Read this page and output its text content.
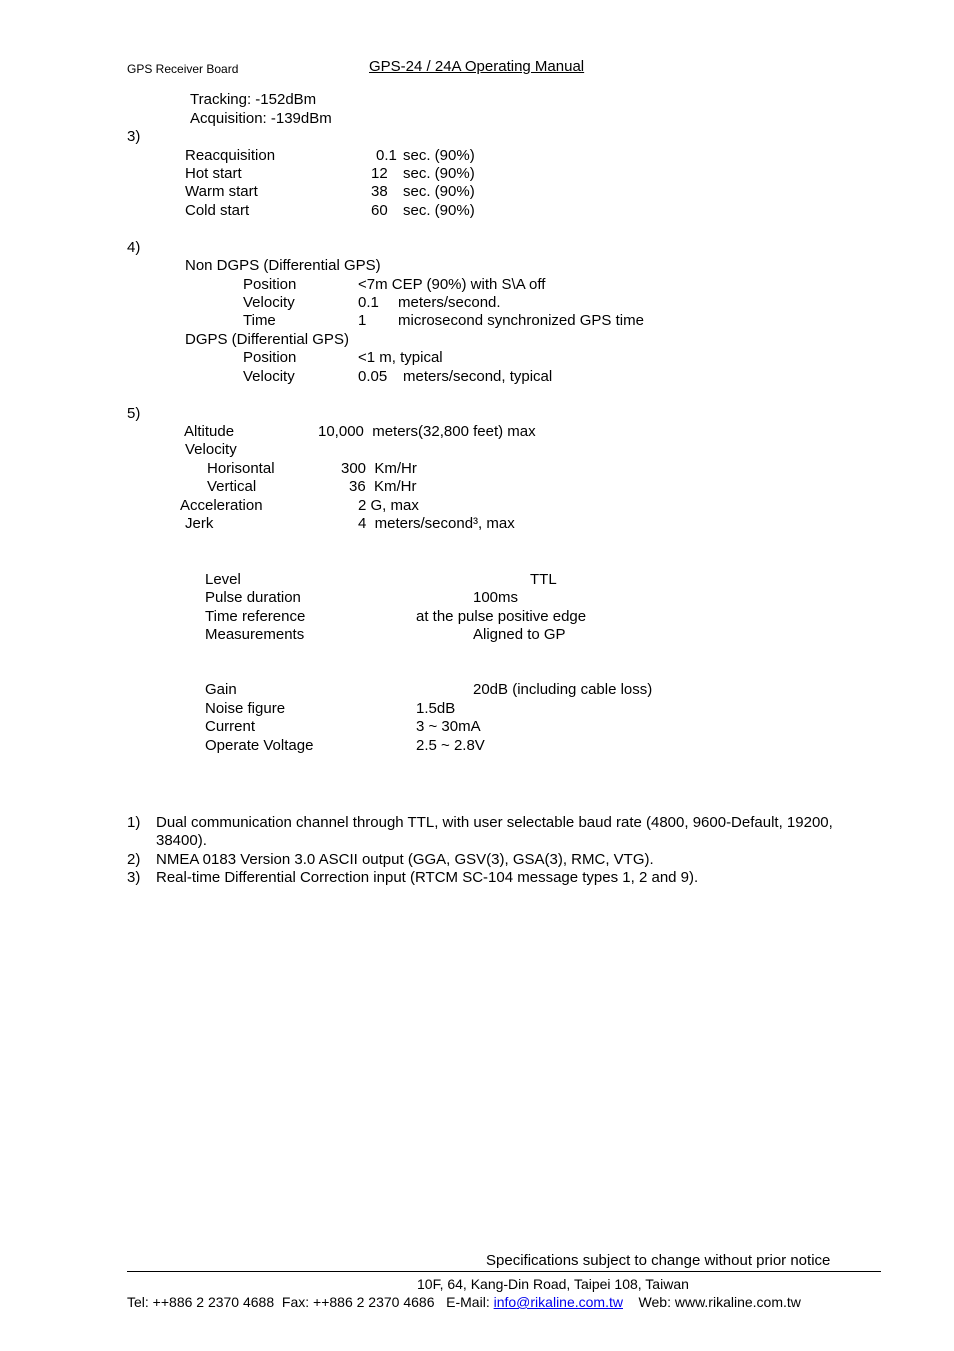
GPS Receiver Board	GPS-24 / 24A Operating Manual
Tracking: -152dBm
Acquisition: -139dBm
3)
Reacquisition	0.1 sec. (90%)
Hot start	12 sec. (90%)
Warm start	38 sec. (90%)
Cold start	60 sec. (90%)
4)
Non DGPS (Differential GPS)
Position	<7m CEP (90%) with S\A off
Velocity	0.1 meters/second.
Time	1 microsecond synchronized GPS time
DGPS (Differential GPS)
Position	<1 m, typical
Velocity	0.05 meters/second, typical
5)
Altitude	10,000  meters(32,800 feet) max
Velocity
Horisontal	300  Km/Hr
Vertical	36  Km/Hr
Acceleration	2 G, max
Jerk	4  meters/second³, max
Level	TTL
Pulse duration	100ms
Time reference	at the pulse positive edge
Measurements	Aligned to GP
Gain	20dB (including cable loss)
Noise figure	1.5dB
Current	3 ~ 30mA
Operate Voltage	2.5 ~ 2.8V
1) Dual communication channel through TTL, with user selectable baud rate (4800, 9600-Default, 19200,
38400).
2) NMEA 0183 Version 3.0 ASCII output (GGA, GSV(3), GSA(3), RMC, VTG).
3) Real-time Differential Correction input (RTCM SC-104 message types 1, 2 and 9).
Specifications subject to change without prior notice
10F, 64, Kang-Din Road, Taipei 108, Taiwan
Tel: ++886 2 2370 4688  Fax: ++886 2 2370 4686   E-Mail: info@rikaline.com.tw Web: www.rikaline.com.tw
